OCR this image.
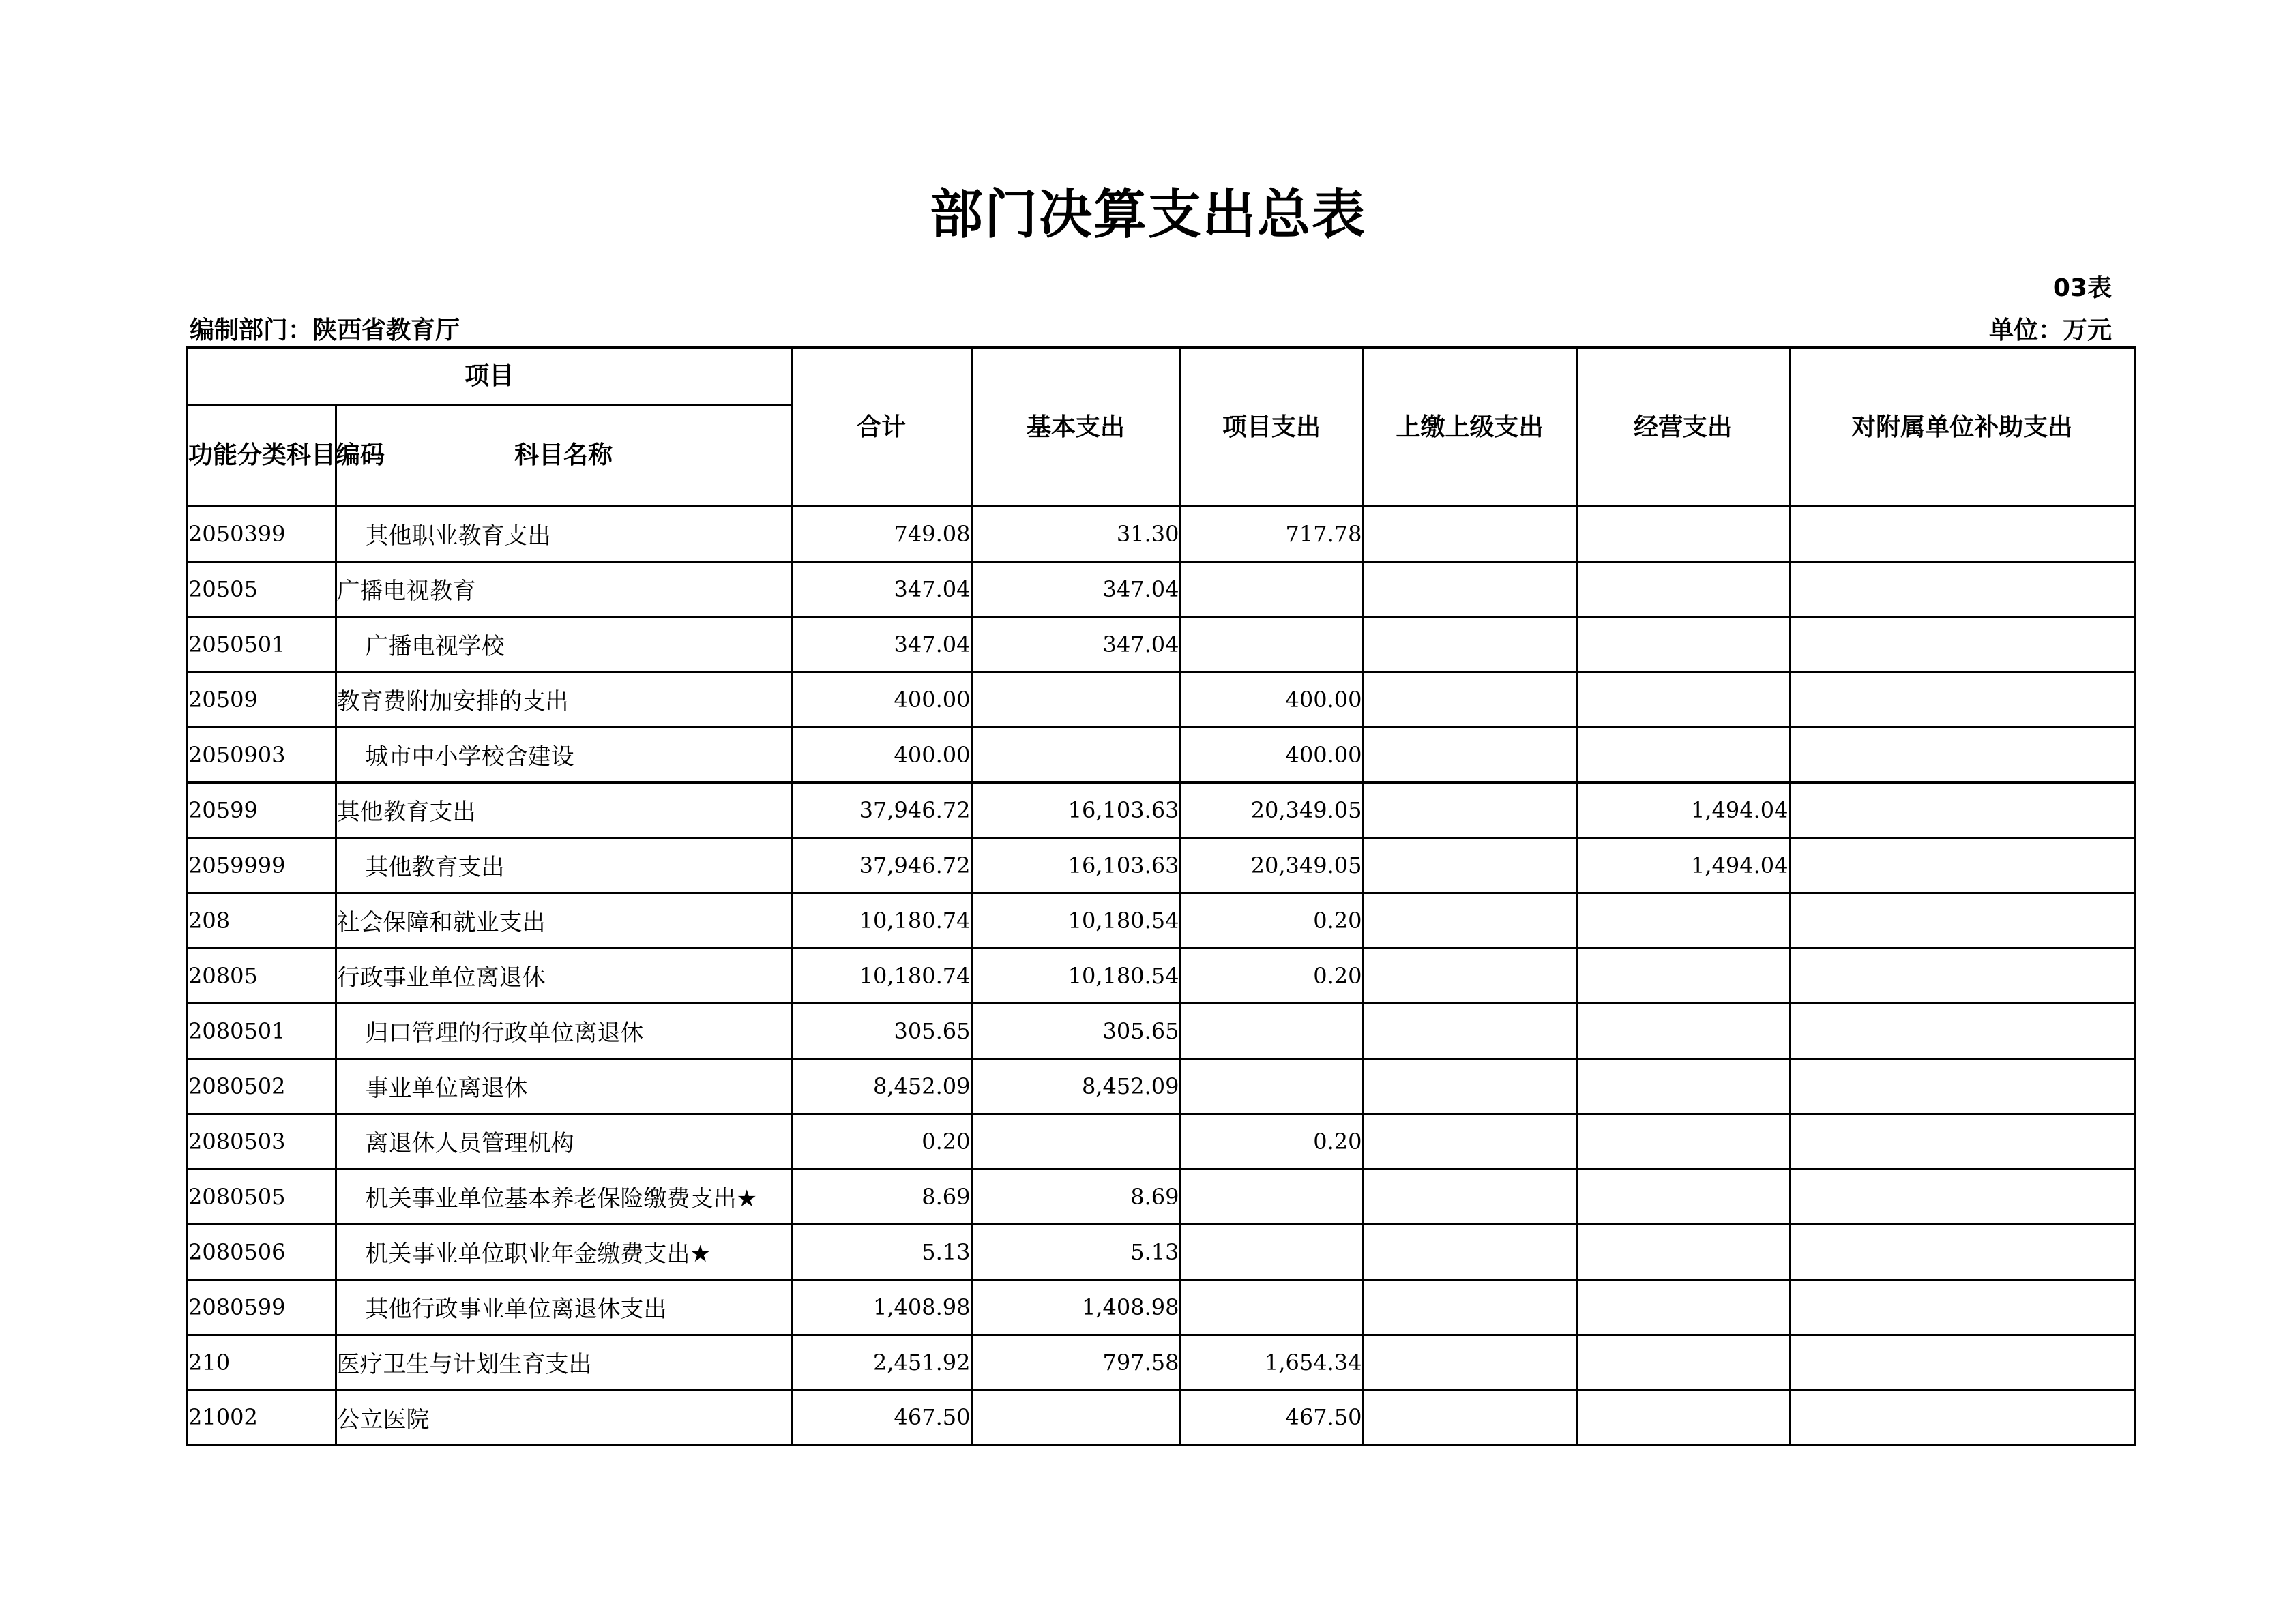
部门决算支出总表
03表
编制部门：陕西省教育厅	单位：万元
项目		合计	基本支出	项目支出	上缴上级支出	经营支出	对附属单位补助支出
功能分类科目编码	科目名称						
2050399	其他职业教育支出	749.08	31.30	717.78			
20505	广播电视教育	347.04	347.04				
2050501	广播电视学校	347.04	347.04				
20509	教育费附加安排的支出	400.00		400.00			
2050903	城市中小学校舍建设	400.00		400.00			
20599	其他教育支出	37,946.72	16,103.63	20,349.05		1,494.04	
2059999	其他教育支出	37,946.72	16,103.63	20,349.05		1,494.04	
208	社会保障和就业支出	10,180.74	10,180.54	0.20			
20805	行政事业单位离退休	10,180.74	10,180.54	0.20			
2080501	归口管理的行政单位离退休	305.65	305.65				
2080502	事业单位离退休	8,452.09	8,452.09				
2080503	离退休人员管理机构	0.20		0.20			
2080505	机关事业单位基本养老保险缴费支出★	8.69	8.69				
2080506	机关事业单位职业年金缴费支出★	5.13	5.13				
2080599	其他行政事业单位离退休支出	1,408.98	1,408.98				
210	医疗卫生与计划生育支出	2,451.92	797.58	1,654.34			
21002	公立医院	467.50		467.50			
